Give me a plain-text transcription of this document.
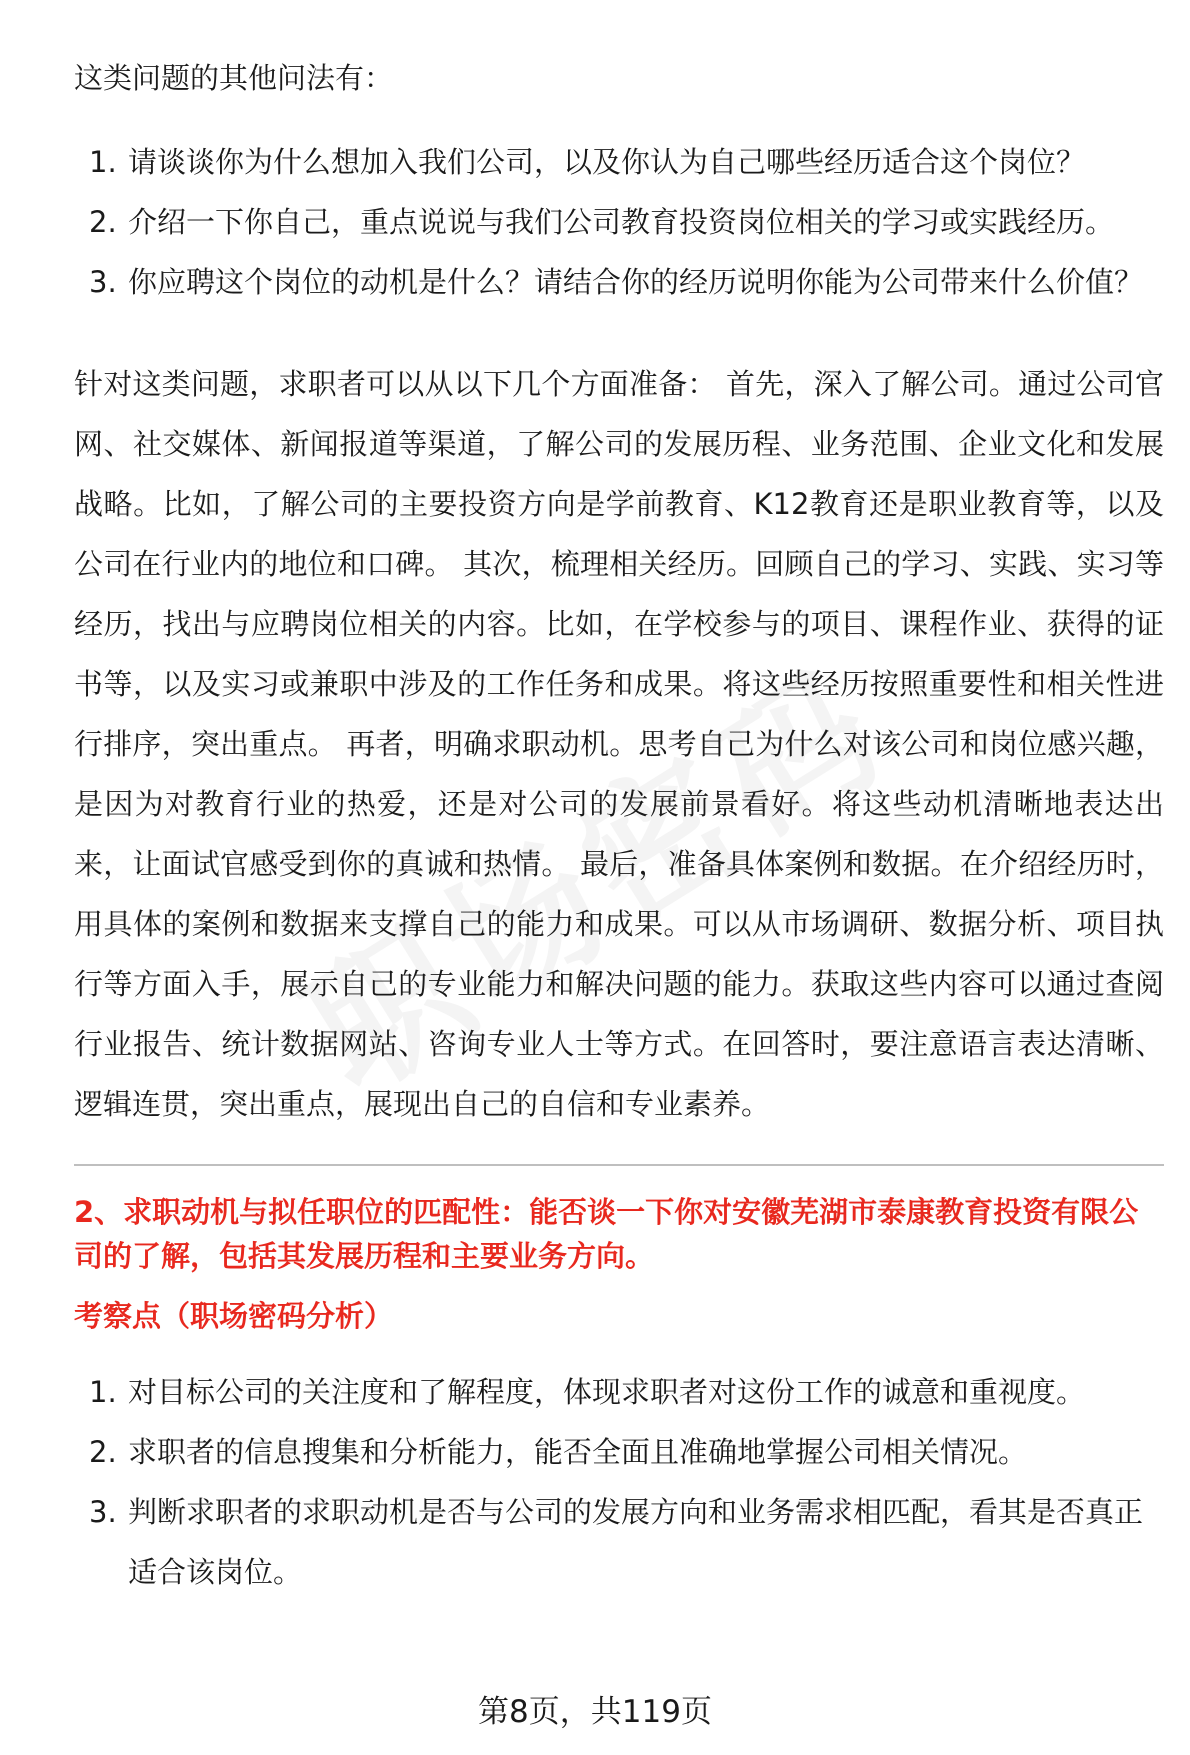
这类问题的其他问法有：

1. 请谈谈你为什么想加入我们公司，以及你认为自己哪些经历适合这个岗位？
2. 介绍一下你自己，重点说说与我们公司教育投资岗位相关的学习或实践经历。
3. 你应聘这个岗位的动机是什么？请结合你的经历说明你能为公司带来什么价值？

针对这类问题，求职者可以从以下几个方面准备： 首先，深入了解公司。通过公司官网、社交媒体、新闻报道等渠道，了解公司的发展历程、业务范围、企业文化和发展战略。比如，了解公司的主要投资方向是学前教育、K12教育还是职业教育等，以及公司在行业内的地位和口碑。 其次，梳理相关经历。回顾自己的学习、实践、实习等经历，找出与应聘岗位相关的内容。比如，在学校参与的项目、课程作业、获得的证书等，以及实习或兼职中涉及的工作任务和成果。将这些经历按照重要性和相关性进行排序，突出重点。 再者，明确求职动机。思考自己为什么对该公司和岗位感兴趣，是因为对教育行业的热爱，还是对公司的发展前景看好。将这些动机清晰地表达出来，让面试官感受到你的真诚和热情。 最后，准备具体案例和数据。在介绍经历时，用具体的案例和数据来支撑自己的能力和成果。可以从市场调研、数据分析、项目执行等方面入手，展示自己的专业能力和解决问题的能力。获取这些内容可以通过查阅行业报告、统计数据网站、咨询专业人士等方式。在回答时，要注意语言表达清晰、逻辑连贯，突出重点，展现出自己的自信和专业素养。

2、求职动机与拟任职位的匹配性：能否谈一下你对安徽芜湖市泰康教育投资有限公司的了解，包括其发展历程和主要业务方向。

考察点（职场密码分析）

1. 对目标公司的关注度和了解程度，体现求职者对这份工作的诚意和重视度。
2. 求职者的信息搜集和分析能力，能否全面且准确地掌握公司相关情况。
3. 判断求职者的求职动机是否与公司的发展方向和业务需求相匹配，看其是否真正适合该岗位。
第8页，共119页
